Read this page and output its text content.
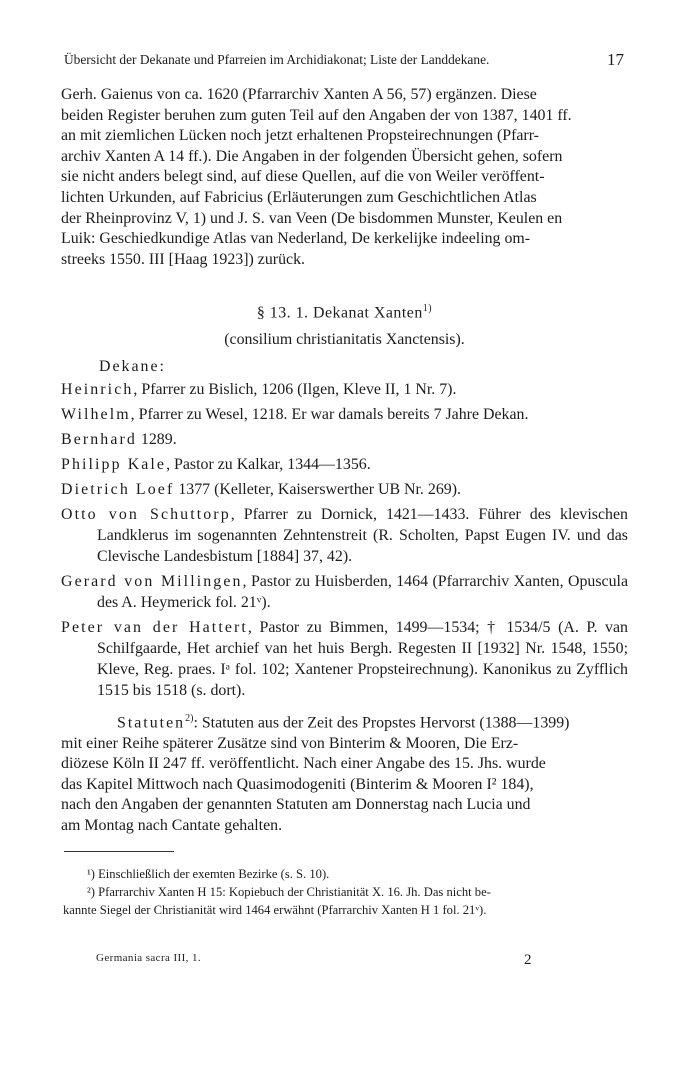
Übersicht der Dekanate und Pfarreien im Archidiakonat; Liste der Landdekane.	17
Gerh. Gaienus von ca. 1620 (Pfarrarchiv Xanten A 56, 57) ergänzen. Diese
beiden Register beruhen zum guten Teil auf den Angaben der von 1387, 1401 ff.
an mit ziemlichen Lücken noch jetzt erhaltenen Propsteirechnungen (Pfarr-
archiv Xanten A 14 ff.). Die Angaben in der folgenden Übersicht gehen, sofern
sie nicht anders belegt sind, auf diese Quellen, auf die von Weiler veröffent-
lichten Urkunden, auf Fabricius (Erläuterungen zum Geschichtlichen Atlas
der Rheinprovinz V, 1) und J. S. van Veen (De bisdommen Munster, Keulen en
Luik: Geschiedkundige Atlas van Nederland, De kerkelijke indeeling om-
streeks 1550. III [Haag 1923]) zurück.
§ 13. 1. Dekanat Xanten$^{1)}$
(consilium christianitatis Xanctensis).
Dekane:
Heinrich, Pfarrer zu Bislich, 1206 (Ilgen, Kleve II, 1 Nr. 7).
Wilhelm, Pfarrer zu Wesel, 1218. Er war damals bereits 7 Jahre Dekan.
Bernhard 1289.
Philipp Kale, Pastor zu Kalkar, 1344—1356.
Dietrich Loef 1377 (Kelleter, Kaiserswerther UB Nr. 269).
Otto von Schuttorp, Pfarrer zu Dornick, 1421—1433. Führer des klevischen Landklerus im sogenannten Zehntenstreit (R. Scholten, Papst Eugen IV. und das Clevische Landesbistum [1884] 37, 42).
Gerard von Millingen, Pastor zu Huisberden, 1464 (Pfarrarchiv Xanten, Opuscula des A. Heymerick fol. 21ᵛ).
Peter van der Hattert, Pastor zu Bimmen, 1499—1534; † 1534/5 (A. P. van Schilfgaarde, Het archief van het huis Bergh. Regesten II [1932] Nr. 1548, 1550; Kleve, Reg. praes. Iᵃ fol. 102; Xantener Propsteirechnung). Kanonikus zu Zyfflich 1515 bis 1518 (s. dort).
Statuten$^{2)}$: Statuten aus der Zeit des Propstes Hervorst (1388—1399)
mit einer Reihe späterer Zusätze sind von Binterim & Mooren, Die Erz-
diözese Köln II 247 ff. veröffentlicht. Nach einer Angabe des 15. Jhs. wurde
das Kapitel Mittwoch nach Quasimodogeniti (Binterim & Mooren I² 184),
nach den Angaben der genannten Statuten am Donnerstag nach Lucia und
am Montag nach Cantate gehalten.
¹) Einschließlich der exemten Bezirke (s. S. 10).
²) Pfarrarchiv Xanten H 15: Kopiebuch der Christianität X. 16. Jh. Das nicht be-
kannte Siegel der Christianität wird 1464 erwähnt (Pfarrarchiv Xanten H 1 fol. 21ᵛ).
Germania sacra III, 1.	2
